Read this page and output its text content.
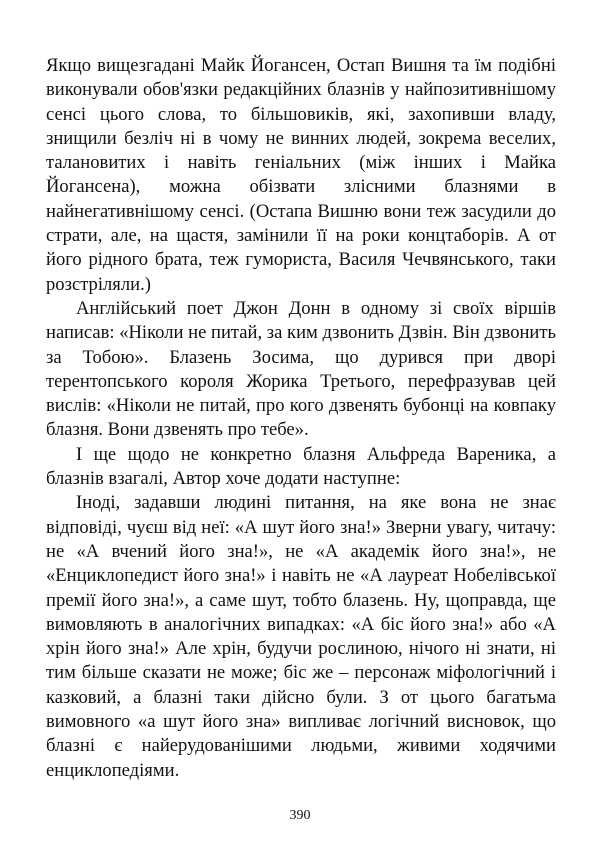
Якщо вищезгадані Майк Йогансен, Остап Вишня та їм подібні виконували обов'язки редакційних блазнів у найпозитивнішому сенсі цього слова, то більшовиків, які, захопивши владу, знищили безліч ні в чому не винних людей, зокрема веселих, талановитих і навіть геніальних (між інших і Майка Йогансена), можна обізвати злісними блазнями в найнегативнішому сенсі. (Остапа Вишню вони теж засудили до страти, але, на щастя, замінили її на роки концтаборів. А от його рідного брата, теж гумориста, Василя Чечвянського, таки розстріляли.)

Англійський поет Джон Донн в одному зі своїх віршів написав: «Ніколи не питай, за ким дзвонить Дзвін. Він дзвонить за Тобою». Блазень Зосима, що дурився при дворі терентопського короля Жорика Третього, перефразував цей вислів: «Ніколи не питай, про кого дзвенять бубонці на ковпаку блазня. Вони дзвенять про тебе».

І ще щодо не конкретно блазня Альфреда Вареника, а блазнів взагалі, Автор хоче додати наступне:

Іноді, задавши людині питання, на яке вона не знає відповіді, чуєш від неї: «А шут його зна!» Зверни увагу, читачу: не «А вчений його зна!», не «А академік його зна!», не «Енциклопедист його зна!» і навіть не «А лауреат Нобелівської премії його зна!», а саме шут, тобто блазень. Ну, щоправда, ще вимовляють в аналогічних випадках: «А біс його зна!» або «А хрін його зна!» Але хрін, будучи рослиною, нічого ні знати, ні тим більше сказати не може; біс же – персонаж міфологічний і казковий, а блазні таки дійсно були. З от цього багатьма вимовного «а шут його зна» випливає логічний висновок, що блазні є найерудованішими людьми, живими ходячими енциклопедіями.

390
